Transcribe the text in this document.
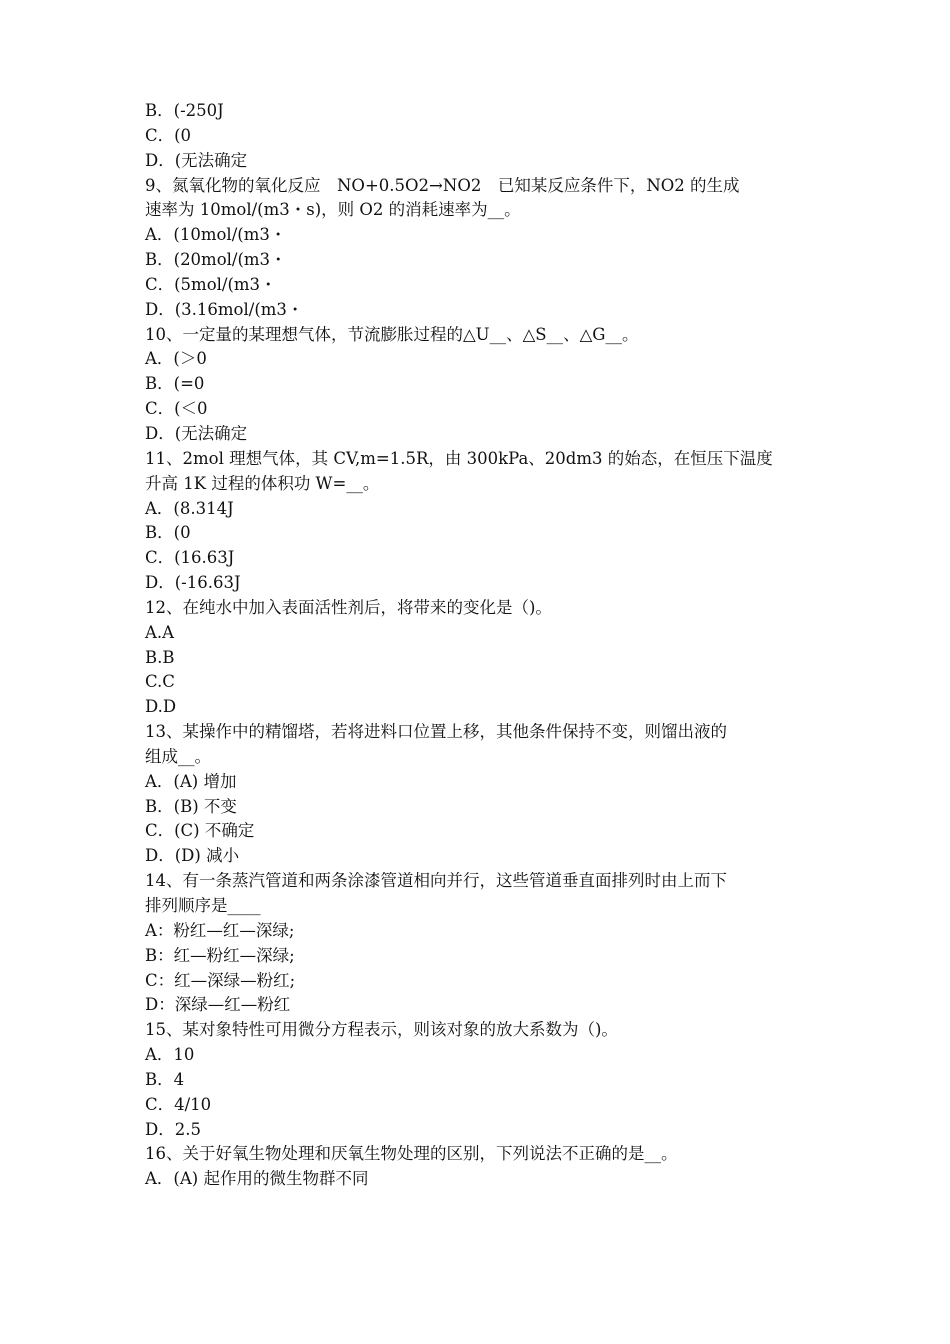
B．(-250J
C．(0
D．(无法确定
9、氮氧化物的氧化反应　NO+0.5O2→NO2　已知某反应条件下，NO2 的生成
速率为 10mol/(m3・s)，则 O2 的消耗速率为__。
A．(10mol/(m3・
B．(20mol/(m3・
C．(5mol/(m3・
D．(3.16mol/(m3・
10、一定量的某理想气体，节流膨胀过程的△U__、△S__、△G__。
A．(＞0
B．(=0
C．(＜0
D．(无法确定
11、2mol 理想气体，其 CV,m=1.5R，由 300kPa、20dm3 的始态，在恒压下温度
升高 1K 过程的体积功 W=__。
A．(8.314J
B．(0
C．(16.63J
D．(-16.63J
12、在纯水中加入表面活性剂后，将带来的变化是（)。
A.A
B.B
C.C
D.D
13、某操作中的精馏塔，若将进料口位置上移，其他条件保持不变，则馏出液的
组成__。
A．(A) 增加
B．(B) 不变
C．(C) 不确定
D．(D) 减小
14、有一条蒸汽管道和两条涂漆管道相向并行，这些管道垂直面排列时由上而下
排列顺序是____
A：粉红—红—深绿;
B：红—粉红—深绿;
C：红—深绿—粉红;
D：深绿—红—粉红
15、某对象特性可用微分方程表示，则该对象的放大系数为（)。
A．10
B．4
C．4/10
D．2.5
16、关于好氧生物处理和厌氧生物处理的区别，下列说法不正确的是__。
A．(A) 起作用的微生物群不同
